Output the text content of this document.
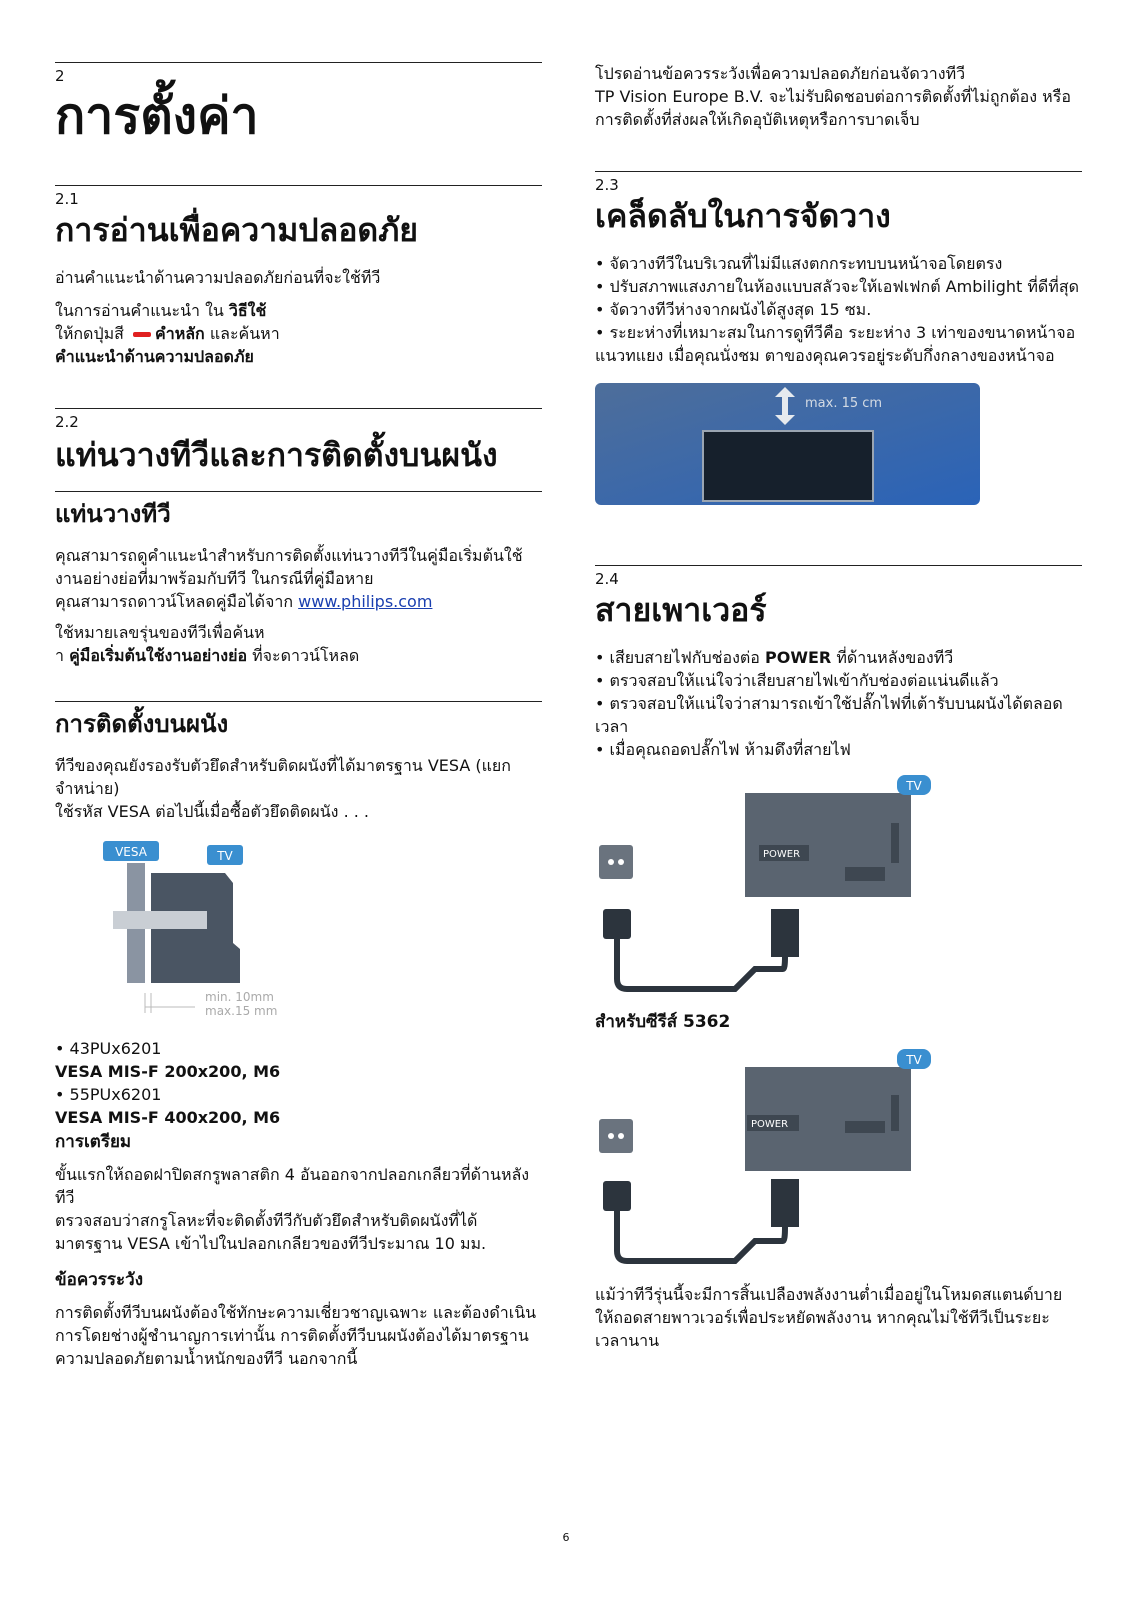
2
การตั้งค่า
2.1
การอ่านเพื่อความปลอดภัย

อ่านคำแนะนำด้านความปลอดภัยก่อนที่จะใช้ทีวี

ในการอ่านคำแนะนำ ใน วิธีใช้

ให้กดปุ่มสี คำหลัก และค้นหา

คำแนะนำด้านความปลอดภัย

2.2
แท่นวางทีวีและการติดตั้งบนผนัง
แท่นวางทีวี

คุณสามารถดูคำแนะนำสำหรับการติดตั้งแท่นวางทีวีในคู่มือเริ่มต้นใช้งานอย่างย่อที่มาพร้อมกับทีวี ในกรณีที่คู่มือหาย

คุณสามารถดาวน์โหลดคู่มือได้จาก www.philips.com

ใช้หมายเลขรุ่นของทีวีเพื่อค้นห

า คู่มือเริ่มต้นใช้งานอย่างย่อ ที่จะดาวน์โหลด

การติดตั้งบนผนัง

ทีวีของคุณยังรองรับตัวยึดสำหรับติดผนังที่ได้มาตรฐาน VESA (แยกจำหน่าย)

ใช้รหัส VESA ต่อไปนี้เมื่อซื้อตัวยึดติดผนัง . . .

VESA	TV
min. 10mm
max.15 mm

• 43PUx6201

VESA MIS-F 200x200, M6

• 55PUx6201

VESA MIS-F 400x200, M6

การเตรียม

ขั้นแรกให้ถอดฝาปิดสกรูพลาสติก 4 อันออกจากปลอกเกลียวที่ด้านหลังทีวี

ตรวจสอบว่าสกรูโลหะที่จะติดตั้งทีวีกับตัวยึดสำหรับติดผนังที่ได้มาตรฐาน VESA เข้าไปในปลอกเกลียวของทีวีประมาณ 10 มม.

ข้อควรระวัง

การติดตั้งทีวีบนผนังต้องใช้ทักษะความเชี่ยวชาญเฉพาะ และต้องดำเนินการโดยช่างผู้ชำนาญการเท่านั้น การติดตั้งทีวีบนผนังต้องได้มาตรฐานความปลอดภัยตามน้ำหนักของทีวี นอกจากนี้

โปรดอ่านข้อควรระวังเพื่อความปลอดภัยก่อนจัดวางทีวี

TP Vision Europe B.V. จะไม่รับผิดชอบต่อการติดตั้งที่ไม่ถูกต้อง หรือการติดตั้งที่ส่งผลให้เกิดอุบัติเหตุหรือการบาดเจ็บ

2.3
เคล็ดลับในการจัดวาง
• จัดวางทีวีในบริเวณที่ไม่มีแสงตกกระทบบนหน้าจอโดยตรง
• ปรับสภาพแสงภายในห้องแบบสลัวจะให้เอฟเฟกต์ Ambilight ที่ดีที่สุด
• จัดวางทีวีห่างจากผนังได้สูงสุด 15 ซม.
• ระยะห่างที่เหมาะสมในการดูทีวีคือ ระยะห่าง 3 เท่าของขนาดหน้าจอแนวทแยง เมื่อคุณนั่งชม ตาของคุณควรอยู่ระดับกึ่งกลางของหน้าจอ
max. 15 cm
2.4
สายเพาเวอร์
• เสียบสายไฟกับช่องต่อ POWER ที่ด้านหลังของทีวี
• ตรวจสอบให้แน่ใจว่าเสียบสายไฟเข้ากับช่องต่อแน่นดีแล้ว
• ตรวจสอบให้แน่ใจว่าสามารถเข้าใช้ปลั๊กไฟที่เต้ารับบนผนังได้ตลอดเวลา
• เมื่อคุณถอดปลั๊กไฟ ห้ามดึงที่สายไฟ
TV
POWER
สำหรับซีรีส์ 5362
TV
POWER

แม้ว่าทีวีรุ่นนี้จะมีการสิ้นเปลืองพลังงานต่ำเมื่ออยู่ในโหมดสแตนด์บาย ให้ถอดสายพาวเวอร์เพื่อประหยัดพลังงาน หากคุณไม่ใช้ทีวีเป็นระยะเวลานาน

6
